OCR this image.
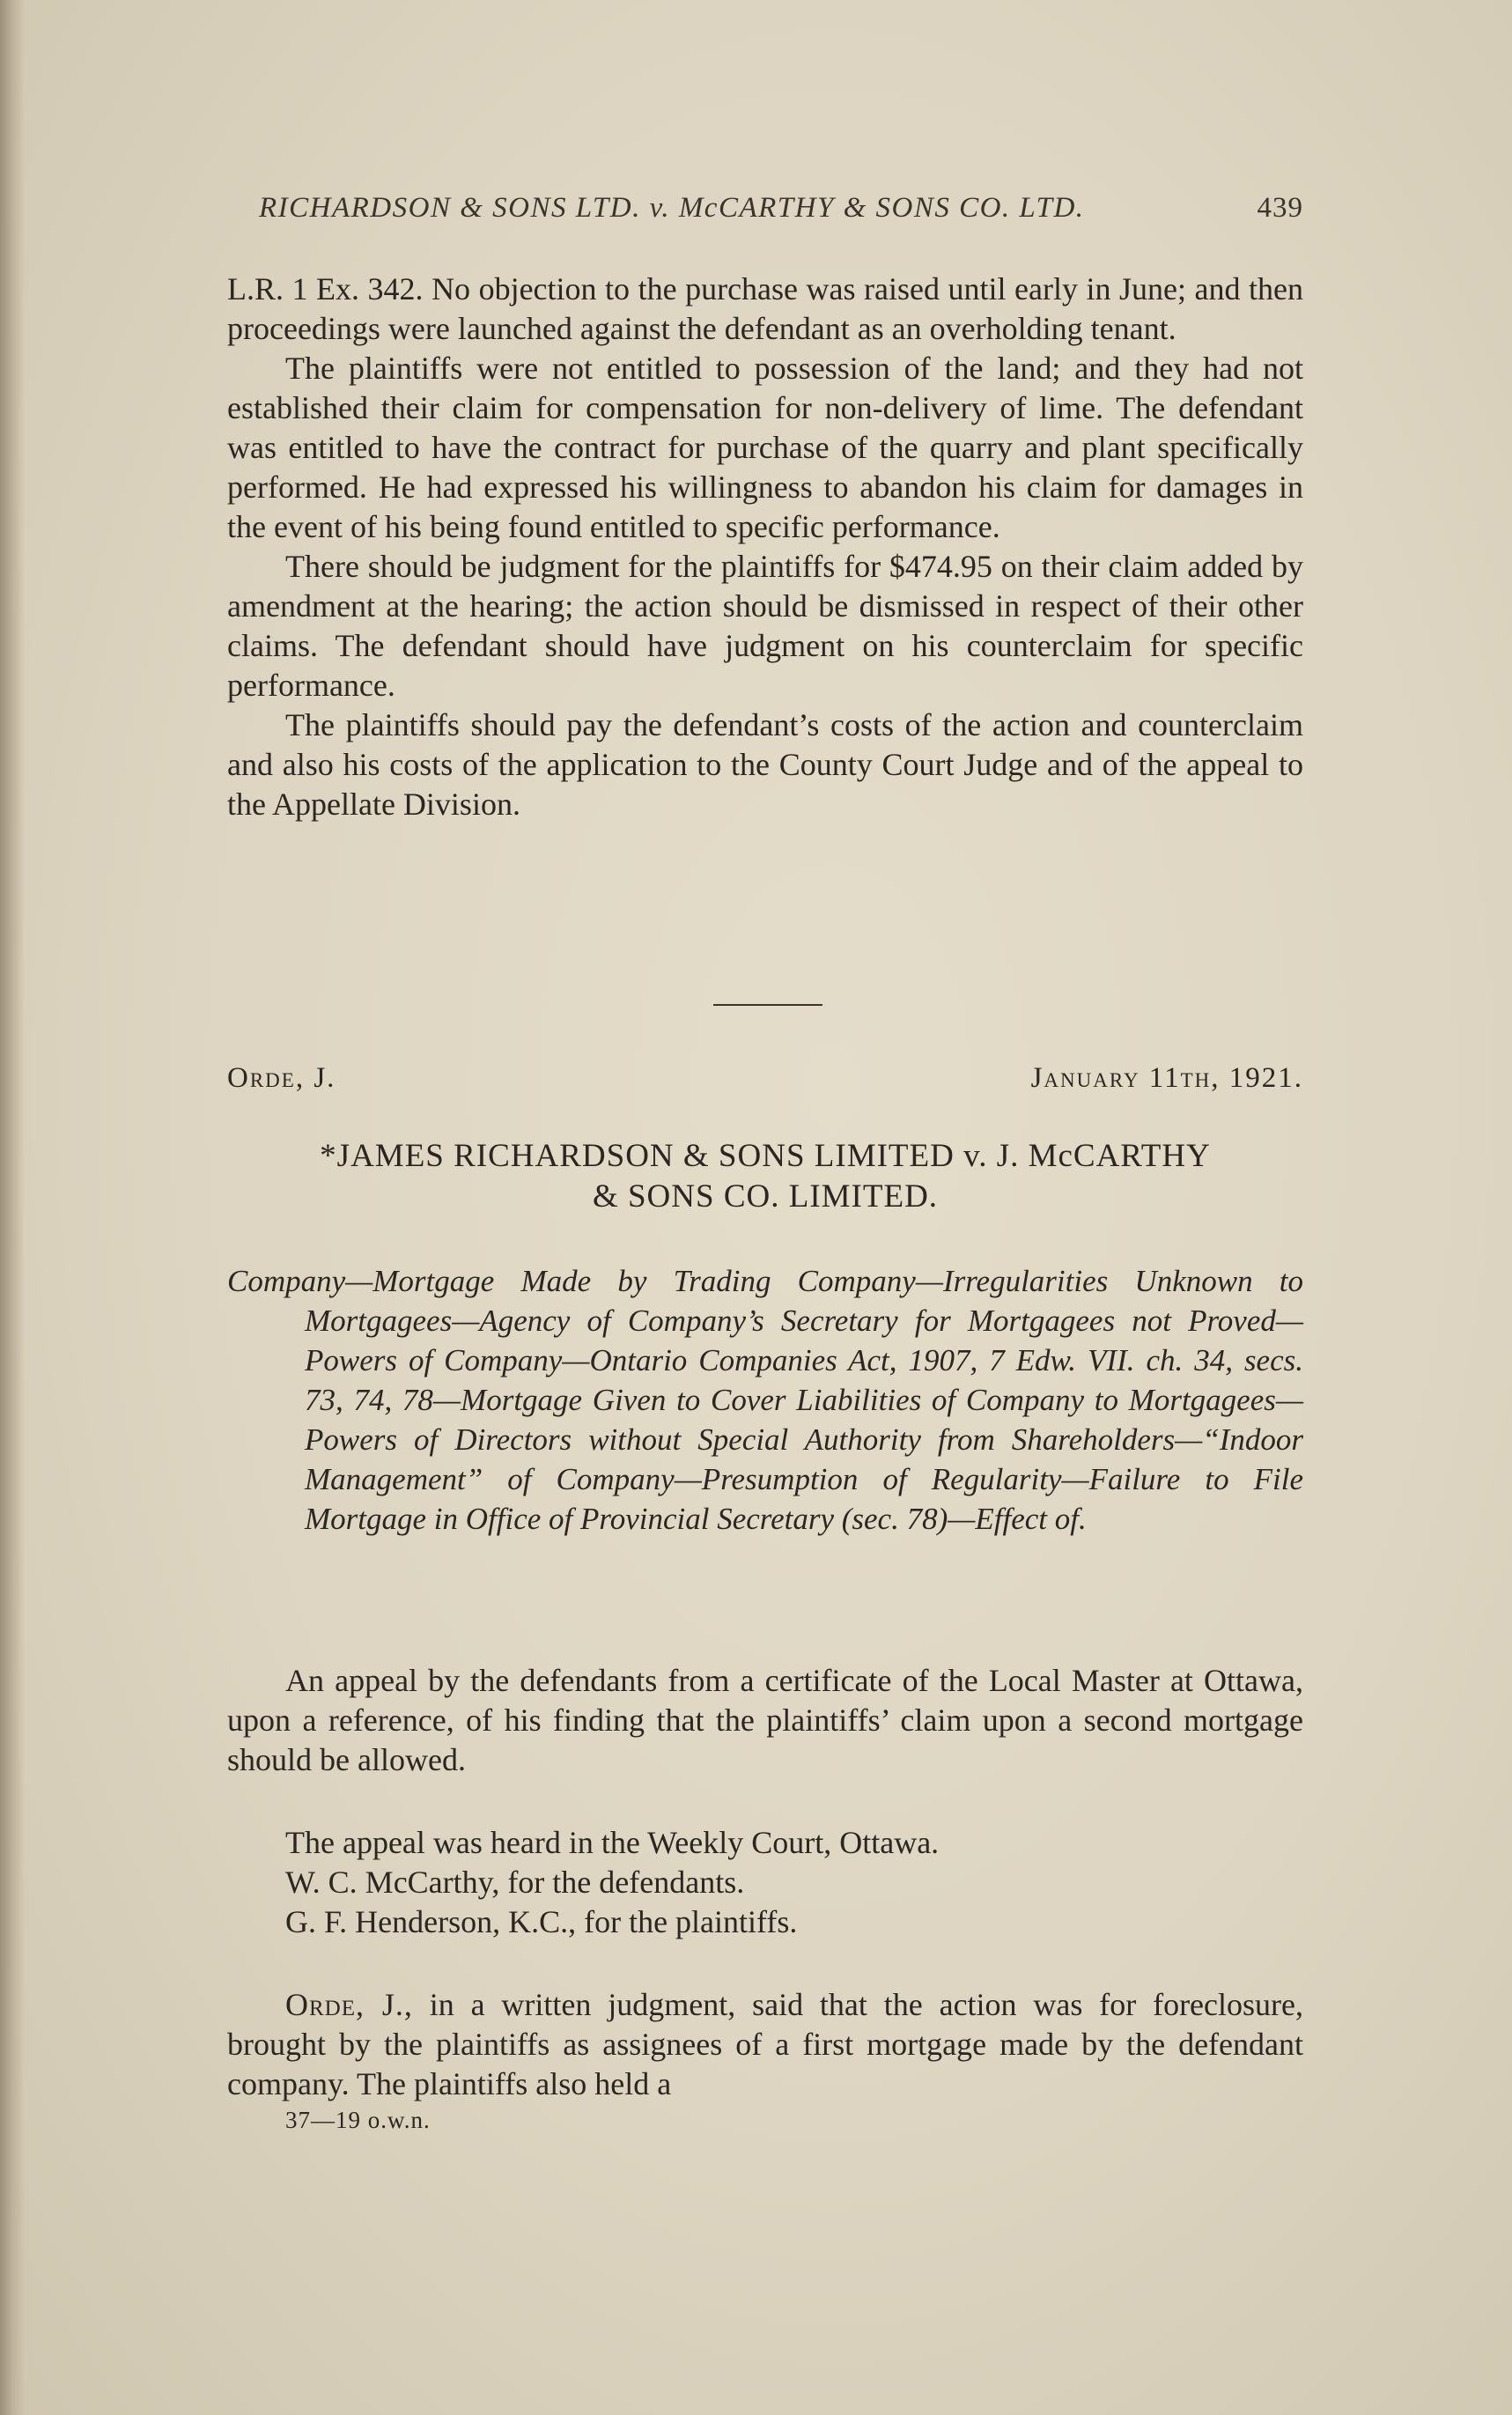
RICHARDSON & SONS LTD. v. McCARTHY & SONS CO. LTD.	439

L.R. 1 Ex. 342. No objection to the purchase was raised until early in June; and then proceedings were launched against the defendant as an overholding tenant.

The plaintiffs were not entitled to possession of the land; and they had not established their claim for compensation for non-delivery of lime. The defendant was entitled to have the contract for purchase of the quarry and plant specifically performed. He had expressed his willingness to abandon his claim for damages in the event of his being found entitled to specific performance.

There should be judgment for the plaintiffs for $474.95 on their claim added by amendment at the hearing; the action should be dismissed in respect of their other claims. The defendant should have judgment on his counterclaim for specific performance.

The plaintiffs should pay the defendant’s costs of the action and counterclaim and also his costs of the application to the County Court Judge and of the appeal to the Appellate Division.

Orde, J.	January 11th, 1921.
*JAMES RICHARDSON & SONS LIMITED v. J. McCARTHY
& SONS CO. LIMITED.
Company—Mortgage Made by Trading Company—Irregularities Unknown to Mortgagees—Agency of Company’s Secretary for Mortgagees not Proved—Powers of Company—Ontario Companies Act, 1907, 7 Edw. VII. ch. 34, secs. 73, 74, 78—Mortgage Given to Cover Liabilities of Company to Mortgagees—Powers of Directors without Special Authority from Shareholders—“Indoor Management” of Company—Presumption of Regularity—Failure to File Mortgage in Office of Provincial Secretary (sec. 78)—Effect of.

An appeal by the defendants from a certificate of the Local Master at Ottawa, upon a reference, of his finding that the plaintiffs’ claim upon a second mortgage should be allowed.

The appeal was heard in the Weekly Court, Ottawa.
W. C. McCarthy, for the defendants.
G. F. Henderson, K.C., for the plaintiffs.

Orde, J., in a written judgment, said that the action was for foreclosure, brought by the plaintiffs as assignees of a first mortgage made by the defendant company. The plaintiffs also held a

37—19 o.w.n.
